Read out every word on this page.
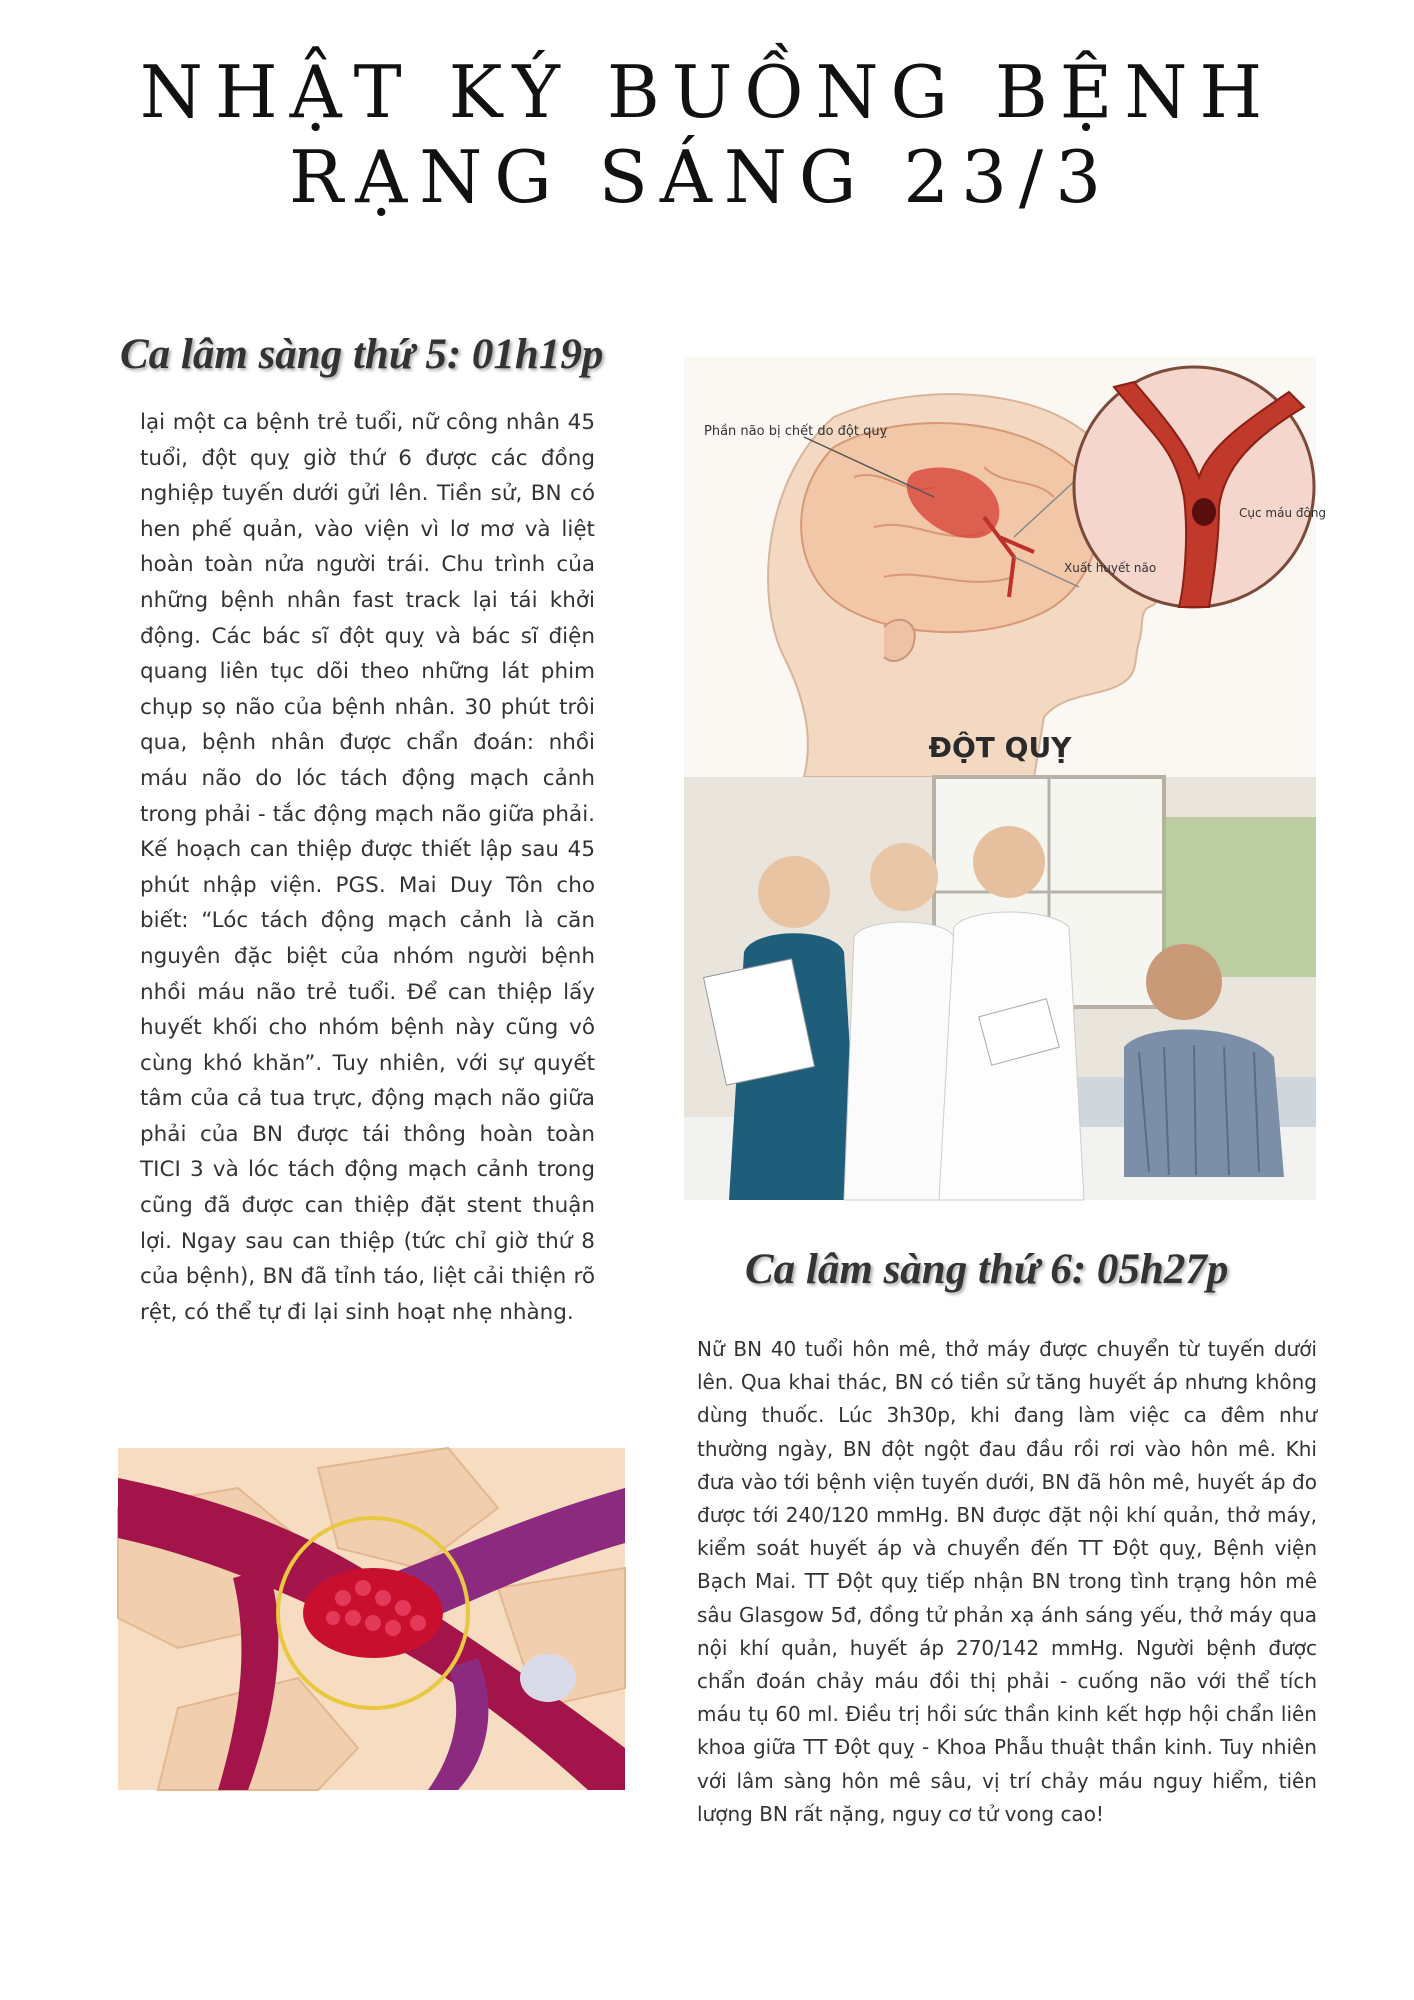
NHẬT KÝ BUỒNG BỆNH
RẠNG SÁNG 23/3
Ca lâm sàng thứ 5: 01h19p

lại một ca bệnh trẻ tuổi, nữ công nhân 45 tuổi, đột quỵ giờ thứ 6 được các đồng nghiệp tuyến dưới gửi lên. Tiền sử, BN có hen phế quản, vào viện vì lơ mơ và liệt hoàn toàn nửa người trái. Chu trình của những bệnh nhân fast track lại tái khởi động. Các bác sĩ đột quỵ và bác sĩ điện quang liên tục dõi theo những lát phim chụp sọ não của bệnh nhân. 30 phút trôi qua, bệnh nhân được chẩn đoán: nhồi máu não do lóc tách động mạch cảnh trong phải - tắc động mạch não giữa phải. Kế hoạch can thiệp được thiết lập sau 45 phút nhập viện. PGS. Mai Duy Tôn cho biết: “Lóc tách động mạch cảnh là căn nguyên đặc biệt của nhóm người bệnh nhồi máu não trẻ tuổi. Để can thiệp lấy huyết khối cho nhóm bệnh này cũng vô cùng khó khăn”. Tuy nhiên, với sự quyết tâm của cả tua trực, động mạch não giữa phải của BN được tái thông hoàn toàn TICI 3 và lóc tách động mạch cảnh trong cũng đã được can thiệp đặt stent thuận lợi. Ngay sau can thiệp (tức chỉ giờ thứ 8 của bệnh), BN đã tỉnh táo, liệt cải thiện rõ rệt, có thể tự đi lại sinh hoạt nhẹ nhàng.

Phần não bị chết do đột quỵ
Cục máu đông
Xuất huyết não
ĐỘT QUỴ
Ca lâm sàng thứ 6: 05h27p

Nữ BN 40 tuổi hôn mê, thở máy được chuyển từ tuyến dưới lên. Qua khai thác, BN có tiền sử tăng huyết áp nhưng không dùng thuốc. Lúc 3h30p, khi đang làm việc ca đêm như thường ngày, BN đột ngột đau đầu rồi rơi vào hôn mê. Khi đưa vào tới bệnh viện tuyến dưới, BN đã hôn mê, huyết áp đo được tới 240/120 mmHg. BN được đặt nội khí quản, thở máy, kiểm soát huyết áp và chuyển đến TT Đột quỵ, Bệnh viện Bạch Mai. TT Đột quỵ tiếp nhận BN trong tình trạng hôn mê sâu Glasgow 5đ, đồng tử phản xạ ánh sáng yếu, thở máy qua nội khí quản, huyết áp 270/142 mmHg. Người bệnh được chẩn đoán chảy máu đồi thị phải - cuống não với thể tích máu tụ 60 ml. Điều trị hồi sức thần kinh kết hợp hội chẩn liên khoa giữa TT Đột quỵ - Khoa Phẫu thuật thần kinh. Tuy nhiên với lâm sàng hôn mê sâu, vị trí chảy máu nguy hiểm, tiên lượng BN rất nặng, nguy cơ tử vong cao!
